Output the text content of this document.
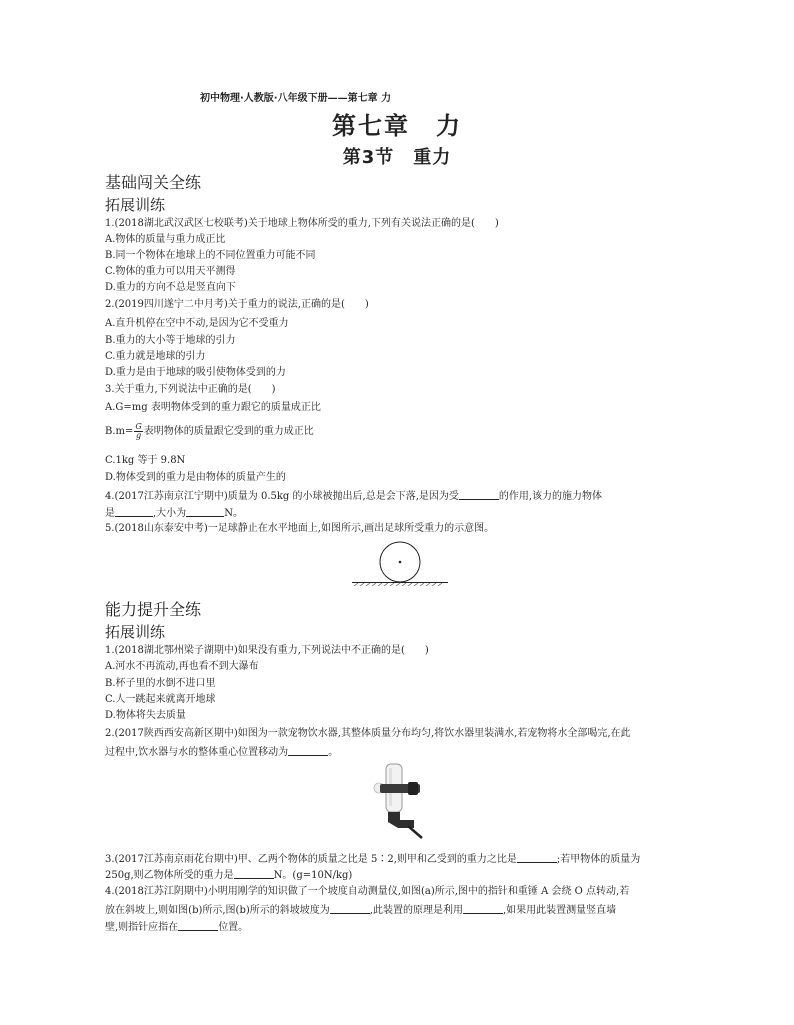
初中物理·人教版·八年级下册——第七章 力
第七章　力
第3节　重力
基础闯关全练
拓展训练
1.(2018湖北武汉武区七校联考)关于地球上物体所受的重力,下列有关说法正确的是(　　)
A.物体的质量与重力成正比
B.同一个物体在地球上的不同位置重力可能不同
C.物体的重力可以用天平测得
D.重力的方向不总是竖直向下
2.(2019四川遂宁二中月考)关于重力的说法,正确的是(　　)
A.直升机停在空中不动,是因为它不受重力
B.重力的大小等于地球的引力
C.重力就是地球的引力
D.重力是由于地球的吸引使物体受到的力
3.关于重力,下列说法中正确的是(　　)
A.G=mg 表明物体受到的重力跟它的质量成正比
$B.m= \frac{G}{g}$ 表明物体的质量跟它受到的重力成正比
C.1kg 等于 9.8N
D.物体受到的重力是由物体的质量产生的
4.(2017江苏南京江宁期中)质量为 0.5kg 的小球被抛出后,总是会下落,是因为受	的作用,该力的施力物体
是	,大小为	N。
5.(2018山东泰安中考)一足球静止在水平地面上,如图所示,画出足球所受重力的示意图。
能力提升全练
拓展训练
1.(2018湖北鄂州梁子湖期中)如果没有重力,下列说法中不正确的是(　　)
A.河水不再流动,再也看不到大瀑布
B.杯子里的水倒不进口里
C.人一跳起来就离开地球
D.物体将失去质量
2.(2017陕西西安高新区期中)如图为一款宠物饮水器,其整体质量分布均匀,将饮水器里装满水,若宠物将水全部喝完,在此
过程中,饮水器与水的整体重心位置移动为	。
3.(2017江苏南京雨花台期中)甲、乙两个物体的质量之比是 5∶2,则甲和乙受到的重力之比是	;若甲物体的质量为
250g,则乙物体所受的重力是	N。(g=10N/kg)
4.(2018江苏江阴期中)小明用刚学的知识做了一个坡度自动测量仪,如图(a)所示,图中的指针和重锤 A 会绕 O 点转动,若
放在斜坡上,则如图(b)所示,图(b)所示的斜坡坡度为	,此装置的原理是利用	,如果用此装置测量竖直墙
壁,则指针应指在	位置。
